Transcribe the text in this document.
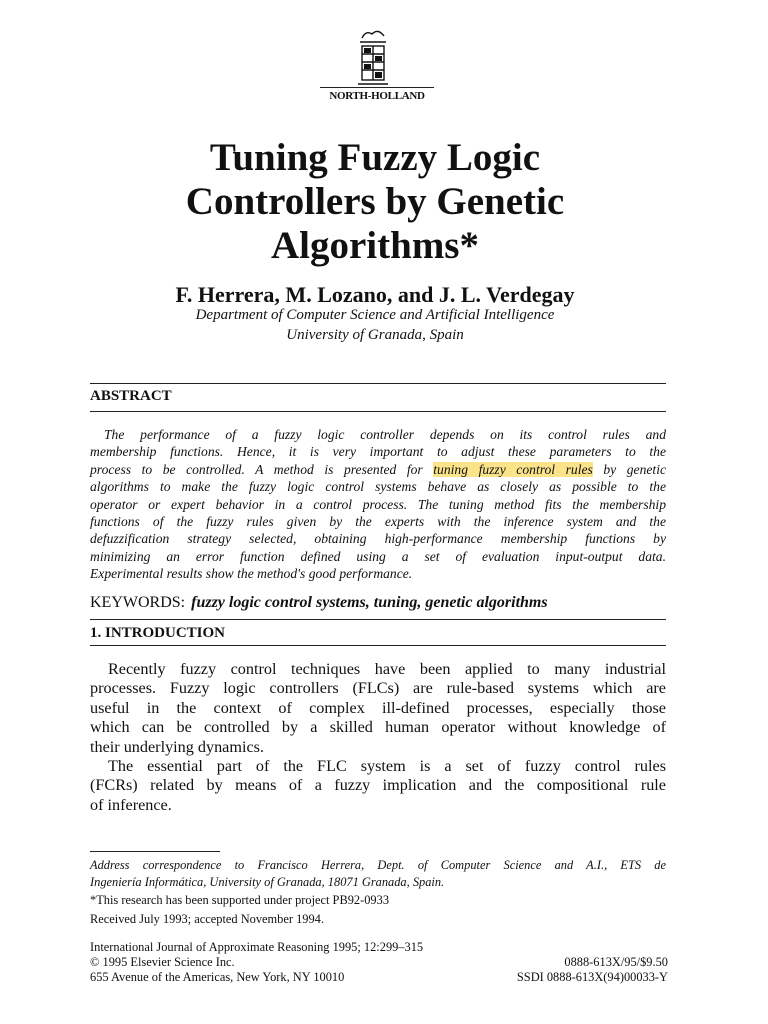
NORTH-HOLLAND
Tuning Fuzzy Logic
Controllers by Genetic
Algorithms*
F. Herrera, M. Lozano, and J. L. Verdegay
Department of Computer Science and Artificial Intelligence
University of Granada, Spain
ABSTRACT
The performance of a fuzzy logic controller depends on its control rules and
membership functions. Hence, it is very important to adjust these parameters to the
process to be controlled. A method is presented for tuning fuzzy control rules by genetic
algorithms to make the fuzzy logic control systems behave as closely as possible to the
operator or expert behavior in a control process. The tuning method fits the membership
functions of the fuzzy rules given by the experts with the inference system and the
defuzzification strategy selected, obtaining high-performance membership functions by
minimizing an error function defined using a set of evaluation input-output data.
Experimental results show the method's good performance.
KEYWORDS: fuzzy logic control systems, tuning, genetic algorithms
1. INTRODUCTION
Recently fuzzy control techniques have been applied to many industrial
processes. Fuzzy logic controllers (FLCs) are rule-based systems which are
useful in the context of complex ill-defined processes, especially those
which can be controlled by a skilled human operator without knowledge of
their underlying dynamics.
The essential part of the FLC system is a set of fuzzy control rules
(FCRs) related by means of a fuzzy implication and the compositional rule
of inference.
Address correspondence to Francisco Herrera, Dept. of Computer Science and A.I., ETS de
Ingeniería Informática, University of Granada, 18071 Granada, Spain.
*This research has been supported under project PB92-0933
Received July 1993; accepted November 1994.
International Journal of Approximate Reasoning 1995; 12:299–315
© 1995 Elsevier Science Inc.
655 Avenue of the Americas, New York, NY 10010
0888-613X/95/$9.50
SSDI 0888-613X(94)00033-Y
